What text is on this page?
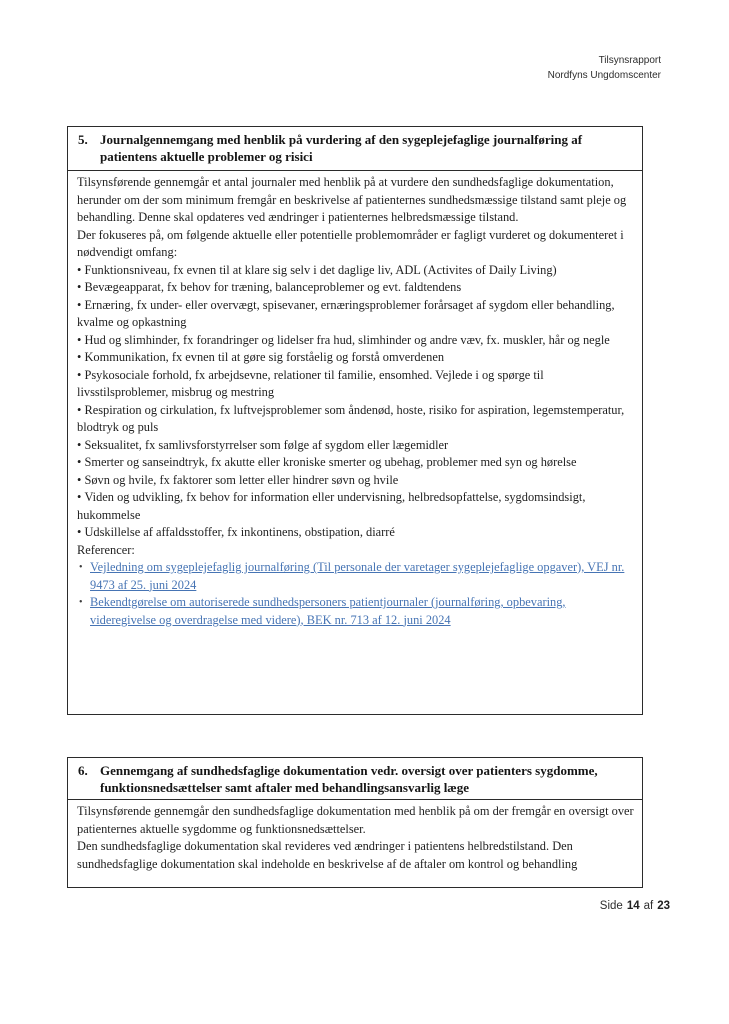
Tilsynsrapport
Nordfyns Ungdomscenter
5. Journalgennemgang med henblik på vurdering af den sygeplejefaglige journalføring af patientens aktuelle problemer og risici

Tilsynsførende gennemgår et antal journaler med henblik på at vurdere den sundhedsfaglige dokumentation, herunder om der som minimum fremgår en beskrivelse af patienternes sundhedsmæssige tilstand samt pleje og behandling. Denne skal opdateres ved ændringer i patienternes helbredsmæssige tilstand.

Der fokuseres på, om følgende aktuelle eller potentielle problemområder er fagligt vurderet og dokumenteret i nødvendigt omfang:

• Funktionsniveau, fx evnen til at klare sig selv i det daglige liv, ADL (Activites of Daily Living)
• Bevægeapparat, fx behov for træning, balanceproblemer og evt. faldtendens
• Ernæring, fx under- eller overvægt, spisevaner, ernæringsproblemer forårsaget af sygdom eller behandling, kvalme og opkastning
• Hud og slimhinder, fx forandringer og lidelser fra hud, slimhinder og andre væv, fx. muskler, hår og negle
• Kommunikation, fx evnen til at gøre sig forståelig og forstå omverdenen
• Psykosociale forhold, fx arbejdsevne, relationer til familie, ensomhed. Vejlede i og spørge til livsstilsproblemer, misbrug og mestring
• Respiration og cirkulation, fx luftvejsproblemer som åndenød, hoste, risiko for aspiration, legemstemperatur, blodtryk og puls
• Seksualitet, fx samlivsforstyrrelser som følge af sygdom eller lægemidler
• Smerter og sanseindtryk, fx akutte eller kroniske smerter og ubehag, problemer med syn og hørelse
• Søvn og hvile, fx faktorer som letter eller hindrer søvn og hvile
• Viden og udvikling, fx behov for information eller undervisning, helbredsopfattelse, sygdomsindsigt, hukommelse
• Udskillelse af affaldsstoffer, fx inkontinens, obstipation, diarré

Referencer:

• Vejledning om sygeplejefaglig journalføring (Til personale der varetager sygeplejefaglige opgaver), VEJ nr. 9473 af 25. juni 2024
• Bekendtgørelse om autoriserede sundhedspersoners patientjournaler (journalføring, opbevaring, videregivelse og overdragelse med videre), BEK nr. 713 af 12. juni 2024
6. Gennemgang af sundhedsfaglige dokumentation vedr. oversigt over patienters sygdomme, funktionsnedsættelser samt aftaler med behandlingsansvarlig læge

Tilsynsførende gennemgår den sundhedsfaglige dokumentation med henblik på om der fremgår en oversigt over patienternes aktuelle sygdomme og funktionsnedsættelser.

Den sundhedsfaglige dokumentation skal revideres ved ændringer i patientens helbredstilstand. Den sundhedsfaglige dokumentation skal indeholde en beskrivelse af de aftaler om kontrol og behandling

Side 14 af 23
